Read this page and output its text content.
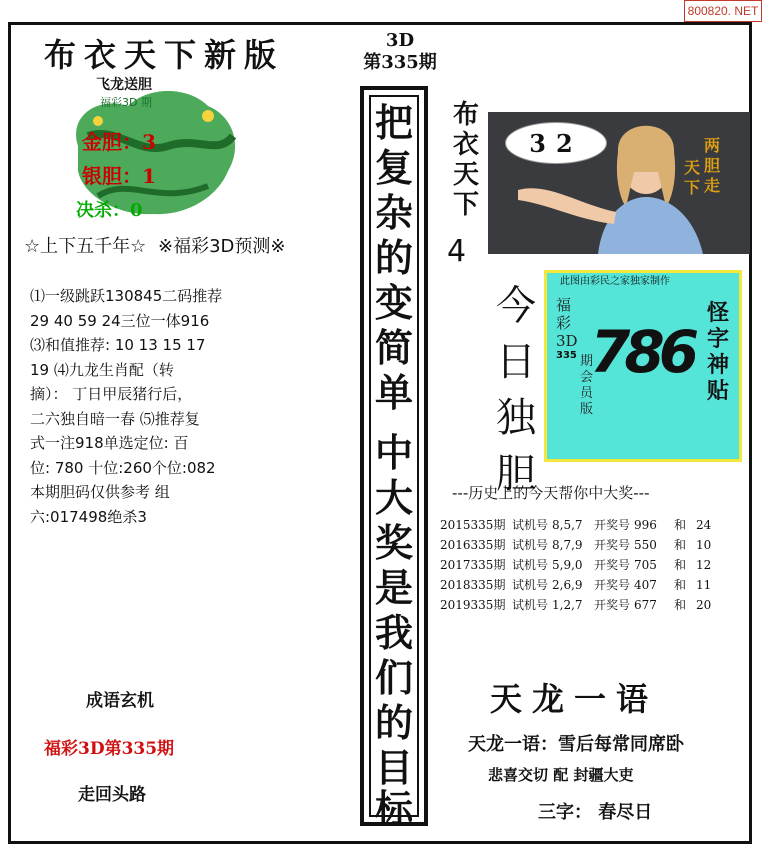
800820. NET
布衣天下新版
飞龙送胆
福彩3D 期
金胆：3
银胆：1
决杀：0
☆上下五千年☆ ※福彩3D预测※
⑴一级跳跃130845二码推荐
29 40 59 24三位一体916
⑶和值推荐: 10 13 15 17
19 ⑷九龙生肖配（转
摘）： 丁日甲辰猪行后，
二六独自暗一春 ⑸推荐复
式一注918单选定位: 百
位: 780 十位:260个位:082
本期胆码仅供参考 组
六:017498绝杀3
成语玄机
福彩3D第335期
走回头路
3D
第335期
把
复
杂
的
变
简
单
中
大
奖
是
我
们
的
目
标
布
衣
天
下
4
32	两胆走
天下
今
日
独
胆
此图由彩民之家独家制作
福彩3D
335 期会员版
怪字神贴
786
---历史上的今天帮你中大奖---
2015335期	试机号	8,5,7	开奖号	996	和	24
2016335期	试机号	8,7,9	开奖号	550	和	10
2017335期	试机号	5,9,0	开奖号	705	和	12
2018335期	试机号	2,6,9	开奖号	407	和	11
2019335期	试机号	1,2,7	开奖号	677	和	20
天龙一语
天龙一语：雪后每常同席卧
悲喜交切 配 封疆大吏
三字： 春尽日
